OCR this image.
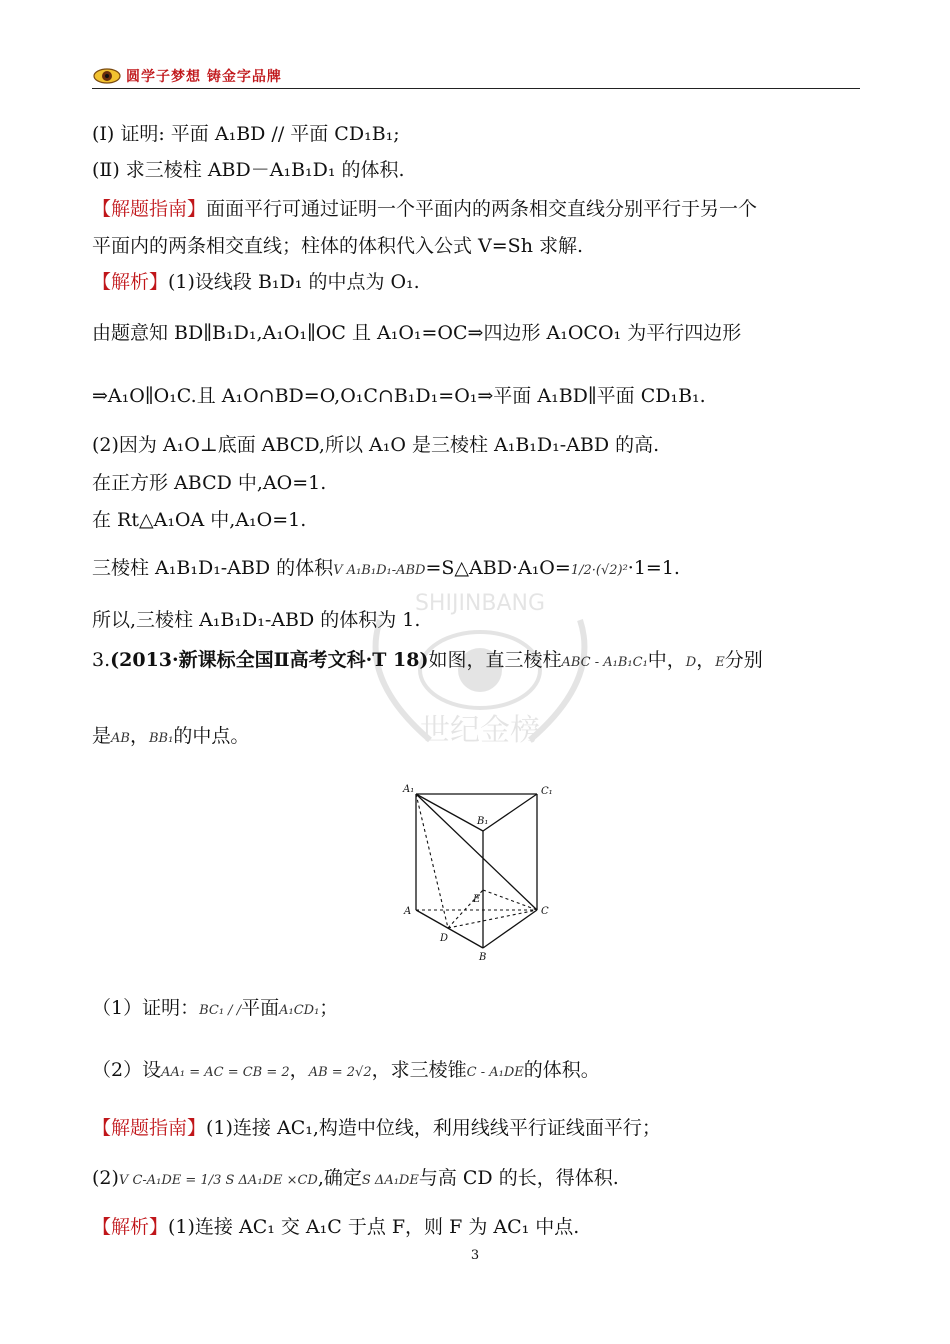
圆学子梦想 铸金字品牌
SHIJINBANG
世纪金榜
(Ⅰ) 证明: 平面 A₁BD // 平面 CD₁B₁;
(Ⅱ) 求三棱柱 ABD－A₁B₁D₁ 的体积.
【解题指南】面面平行可通过证明一个平面内的两条相交直线分别平行于另一个
平面内的两条相交直线；柱体的体积代入公式 V=Sh 求解.
【解析】(1)设线段 B₁D₁ 的中点为 O₁.
由题意知 BD∥B₁D₁,A₁O₁∥OC 且 A₁O₁=OC⇒四边形 A₁OCO₁ 为平行四边形
⇒A₁O∥O₁C.且 A₁O∩BD=O,O₁C∩B₁D₁=O₁⇒平面 A₁BD∥平面 CD₁B₁.
(2)因为 A₁O⊥底面 ABCD,所以 A₁O 是三棱柱 A₁B₁D₁-ABD 的高.
在正方形 ABCD 中,AO=1.
在 Rt△A₁OA 中,A₁O=1.
三棱柱 A₁B₁D₁-ABD 的体积V A₁B₁D₁-ABD=S△ABD·A₁O=1/2·(√2)²·1=1.
所以,三棱柱 A₁B₁D₁-ABD 的体积为 1.
3.(2013·新课标全国Ⅱ高考文科·T 18)如图，直三棱柱ABC - A₁B₁C₁中，D，E分别
是AB，BB₁的中点。
A₁	C₁
B₁
A	C
B
D
E
（1）证明：BC₁ / /平面A₁CD₁；
（2）设AA₁ = AC = CB = 2，AB = 2√2，求三棱锥C - A₁DE的体积。
【解题指南】(1)连接 AC₁,构造中位线，利用线线平行证线面平行；
(2)V C-A₁DE = 1/3 S ΔA₁DE ×CD,确定S ΔA₁DE与高 CD 的长，得体积.
【解析】(1)连接 AC₁ 交 A₁C 于点 F，则 F 为 AC₁ 中点.
3
